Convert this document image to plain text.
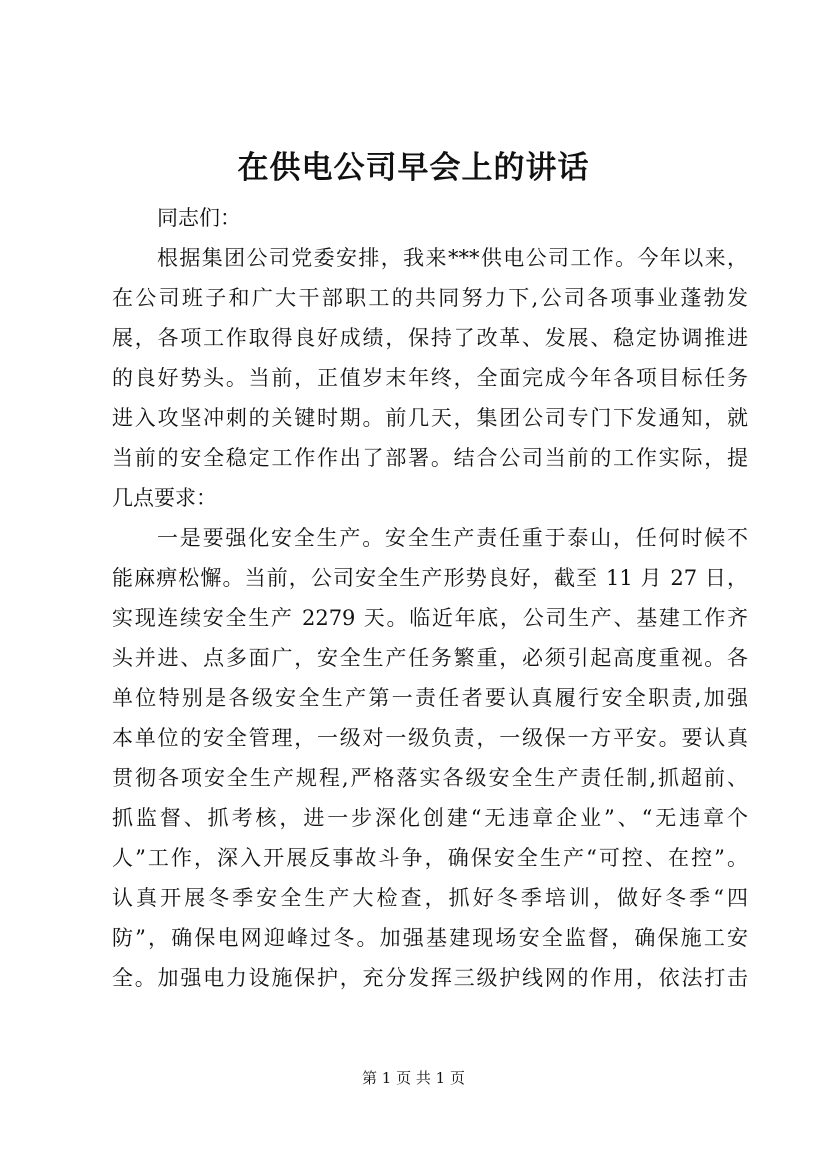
在供电公司早会上的讲话
同志们：
根据集团公司党委安排，我来***供电公司工作。今年以来，
在公司班子和广大干部职工的共同努力下,公司各项事业蓬勃发
展，各项工作取得良好成绩，保持了改革、发展、稳定协调推进
的良好势头。当前，正值岁末年终，全面完成今年各项目标任务
进入攻坚冲刺的关键时期。前几天，集团公司专门下发通知，就
当前的安全稳定工作作出了部署。结合公司当前的工作实际，提
几点要求：
一是要强化安全生产。安全生产责任重于泰山，任何时候不
能麻痹松懈。当前，公司安全生产形势良好，截至 11 月 27 日，
实现连续安全生产 2279 天。临近年底，公司生产、基建工作齐
头并进、点多面广，安全生产任务繁重，必须引起高度重视。各
单位特别是各级安全生产第一责任者要认真履行安全职责,加强
本单位的安全管理，一级对一级负责，一级保一方平安。要认真
贯彻各项安全生产规程,严格落实各级安全生产责任制,抓超前、
抓监督、抓考核，进一步深化创建“无违章企业”、“无违章个
人”工作，深入开展反事故斗争，确保安全生产“可控、在控”。
认真开展冬季安全生产大检查，抓好冬季培训，做好冬季“四
防”，确保电网迎峰过冬。加强基建现场安全监督，确保施工安
全。加强电力设施保护，充分发挥三级护线网的作用，依法打击
第 1 页 共 1 页
